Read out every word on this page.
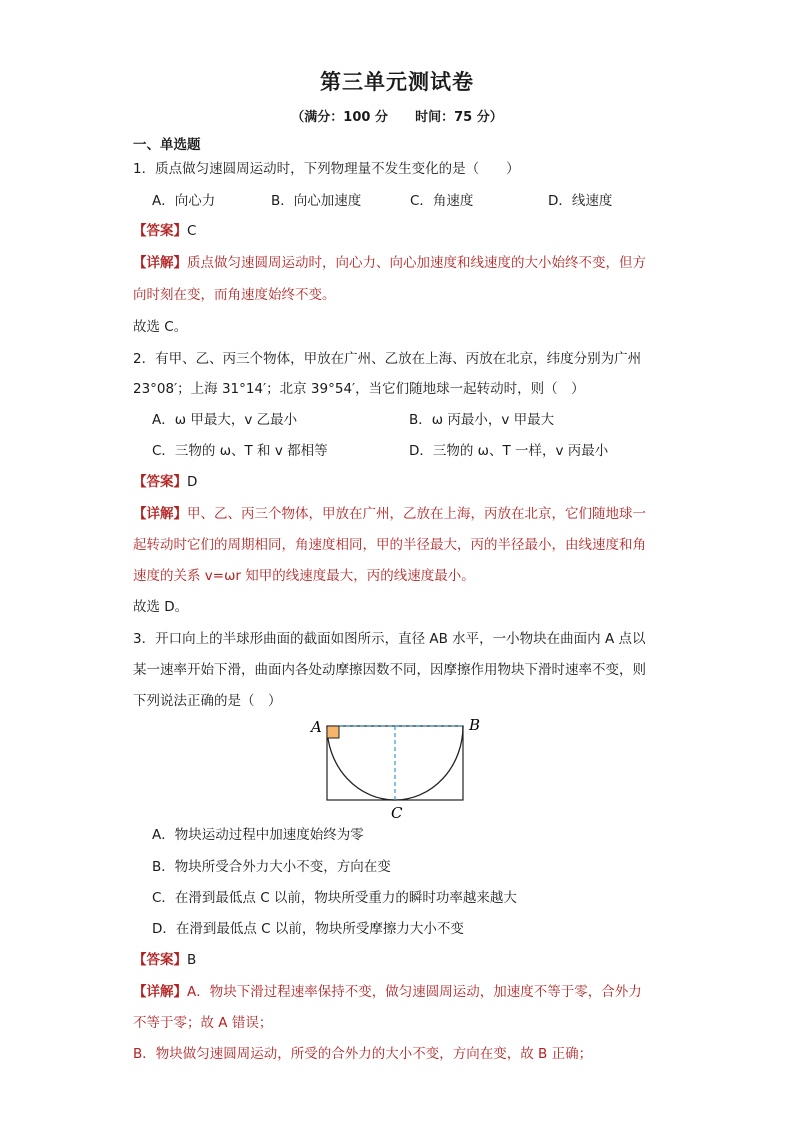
第三单元测试卷
（满分：100 分      时间：75 分）
一、单选题
1．质点做匀速圆周运动时，下列物理量不发生变化的是（　　）
A．向心力	B．向心加速度	C．角速度	D．线速度
【答案】C
【详解】质点做匀速圆周运动时，向心力、向心加速度和线速度的大小始终不变，但方
向时刻在变，而角速度始终不变。
故选 C。
2．有甲、乙、丙三个物体，甲放在广州、乙放在上海、丙放在北京，纬度分别为广州
23°08′；上海 31°14′；北京 39°54′，当它们随地球一起转动时，则（　）
A．ω 甲最大，v 乙最小	B．ω 丙最小，v 甲最大
C．三物的 ω、T 和 v 都相等	D．三物的 ω、T 一样，v 丙最小
【答案】D
【详解】甲、乙、丙三个物体，甲放在广州，乙放在上海，丙放在北京，它们随地球一
起转动时它们的周期相同，角速度相同，甲的半径最大，丙的半径最小，由线速度和角
速度的关系 v=ωr 知甲的线速度最大，丙的线速度最小。
故选 D。
3．开口向上的半球形曲面的截面如图所示，直径 AB 水平，一小物块在曲面内 A 点以
某一速率开始下滑，曲面内各处动摩擦因数不同，因摩擦作用物块下滑时速率不变，则
下列说法正确的是（　）
A	B
C
A．物块运动过程中加速度始终为零
B．物块所受合外力大小不变，方向在变
C．在滑到最低点 C 以前，物块所受重力的瞬时功率越来越大
D．在滑到最低点 C 以前，物块所受摩擦力大小不变
【答案】B
【详解】A．物块下滑过程速率保持不变，做匀速圆周运动，加速度不等于零，合外力
不等于零；故 A 错误；
B．物块做匀速圆周运动，所受的合外力的大小不变，方向在变，故 B 正确；
